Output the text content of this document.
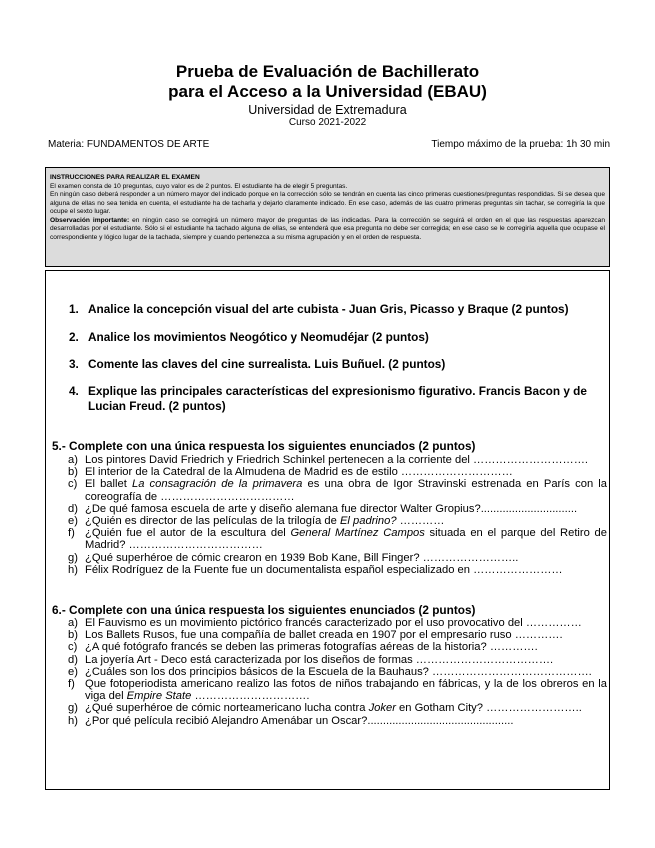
Prueba de Evaluación de Bachillerato
para el Acceso a la Universidad (EBAU)
Universidad de Extremadura
Curso 2021-2022
Materia: FUNDAMENTOS DE ARTE	Tiempo máximo de la prueba: 1h 30 min
INSTRUCCIONES PARA REALIZAR EL EXAMEN
El examen consta de 10 preguntas, cuyo valor es de 2 puntos. El estudiante ha de elegir 5 preguntas.
En ningún caso deberá responder a un número mayor del indicado porque en la corrección sólo se tendrán en cuenta las cinco primeras cuestiones/preguntas respondidas. Si se desea que alguna de ellas no sea tenida en cuenta, el estudiante ha de tacharla y dejarlo claramente indicado. En ese caso, además de las cuatro primeras preguntas sin tachar, se corregiría la que ocupe el sexto lugar.
Observación importante: en ningún caso se corregirá un número mayor de preguntas de las indicadas. Para la corrección se seguirá el orden en el que las respuestas aparezcan desarrolladas por el estudiante. Sólo si el estudiante ha tachado alguna de ellas, se entenderá que esa pregunta no debe ser corregida; en ese caso se le corregiría aquella que ocupase el correspondiente y lógico lugar de la tachada, siempre y cuando pertenezca a su misma agrupación y en el orden de respuesta.
1. Analice la concepción visual del arte cubista - Juan Gris, Picasso y Braque (2 puntos)
2. Analice los movimientos Neogótico y Neomudéjar (2 puntos)
3. Comente las claves del cine surrealista. Luis Buñuel. (2 puntos)
4. Explique las principales características del expresionismo figurativo. Francis Bacon y de Lucian Freud. (2 puntos)
5.- Complete con una única respuesta los siguientes enunciados (2 puntos)
a) Los pintores David Friedrich y Friedrich Schinkel pertenecen a la corriente del ………………………….
b) El interior de la Catedral de la Almudena de Madrid es de estilo …………………………
c) El ballet La consagración de la primavera es una obra de Igor Stravinski estrenada en París con la coreografía de ………………………………
d) ¿De qué famosa escuela de arte y diseño alemana fue director Walter Gropius?...............................
e) ¿Quién es director de las películas de la trilogía de El padrino? …………
f) ¿Quién fue el autor de la escultura del General Martínez Campos situada en el parque del Retiro de Madrid? ………………………………
g) ¿Qué superhéroe de cómic crearon en 1939 Bob Kane, Bill Finger? ……………………..
h) Félix Rodríguez de la Fuente fue un documentalista español especializado en ……………………
6.- Complete con una única respuesta los siguientes enunciados (2 puntos)
a) El Fauvismo es un movimiento pictórico francés caracterizado por el uso provocativo del ……………
b) Los Ballets Rusos, fue una compañía de ballet creada en 1907 por el empresario ruso ………….
c) ¿A qué fotógrafo francés se deben las primeras fotografías aéreas de la historia? ………….
d) La joyería Art - Deco está caracterizada por los diseños de formas ……………………………….
e) ¿Cuáles son los dos principios básicos de la Escuela de la Bauhaus? …………………………………….
f) Que fotoperiodista americano realizo las fotos de niños trabajando en fábricas, y la de los obreros en la viga del Empire State ………………………….
g) ¿Qué superhéroe de cómic norteamericano lucha contra Joker en Gotham City? ……………………..
h) ¿Por qué película recibió Alejandro Amenábar un Oscar?...............................................
